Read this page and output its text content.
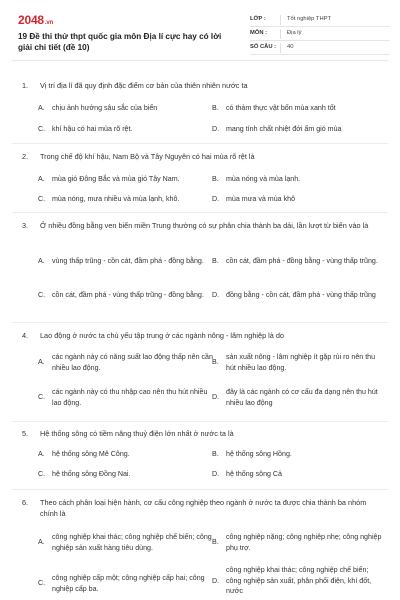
2048.vn
19 Đề thi thử thpt quốc gia môn Địa lí cực hay có lời giải chi tiết (đề 10)
LỚP :	Tốt nghiệp THPT
MÔN :	Địa lý
SỐ CÂU :	40
1.	Vị trí địa lí đã quy định đặc điểm cơ bản của thiên nhiên nước ta
A.	chịu ảnh hưởng sâu sắc của biển	B.	có thảm thực vật bốn mùa xanh tốt
C. khí hậu có hai mùa rõ rệt.	D. mang tính chất nhiệt đới ẩm gió mùa
2.	Trong chế độ khí hậu, Nam Bộ và Tây Nguyên có hai mùa rõ rệt là
A.	mùa gió Đông Bắc và mùa gió Tây Nam.	B.	mùa nóng và mùa lạnh.
C. mùa nóng, mưa nhiều và mùa lạnh, khô.	D. mùa mưa và mùa khô
3.	Ở nhiều đồng bằng ven biển miền Trung thường có sự phân chia thành ba dải, lần lượt từ biển vào là
A.	vùng thấp trũng - cồn cát, đầm phá - đồng bằng.	B.	cồn cát, đầm phá - đồng bằng - vùng thấp trũng.
C. cồn cát, đầm phá - vùng thấp trũng - đồng bằng.	D. đồng bằng - cồn cát, đầm phá - vùng thấp trũng
4.	Lao động ở nước ta chủ yếu tập trung ở các ngành nông - lâm nghiệp là do
A.
các ngành này có năng suất lao động thấp nên cần nhiều lao động.
B.
sản xuất nông - lâm nghiệp ít gặp rủi ro nên thu hút nhiều lao động.
C.
các ngành này có thu nhập cao nên thu hút nhiều lao động.
D.
đây là các ngành có cơ cấu đa dạng nên thu hút nhiều lao động
5.	Hệ thống sông có tiềm năng thuỷ điện lớn nhất ở nước ta là
A.	hệ thống sông Mê Công.	B.	hệ thống sông Hồng.
C. hệ thống sông Đồng Nai.	D. hệ thống sông Cả
6.	Theo cách phân loại hiện hành, cơ cấu công nghiệp theo ngành ở nước ta được chia thành ba nhóm chính là
A.
công nghiệp khai thác; công nghiệp chế biến; công nghiệp sản xuất hàng tiêu dùng.
B.
công nghiệp nặng; công nghiệp nhẹ; công nghiệp phụ trợ.
C.
công nghiệp cấp một; công nghiệp cấp hai; công nghiệp cấp ba.
D.
công nghiệp khai thác; công nghiệp chế biến; công nghiệp sản xuất, phân phối điện, khí đốt, nước
